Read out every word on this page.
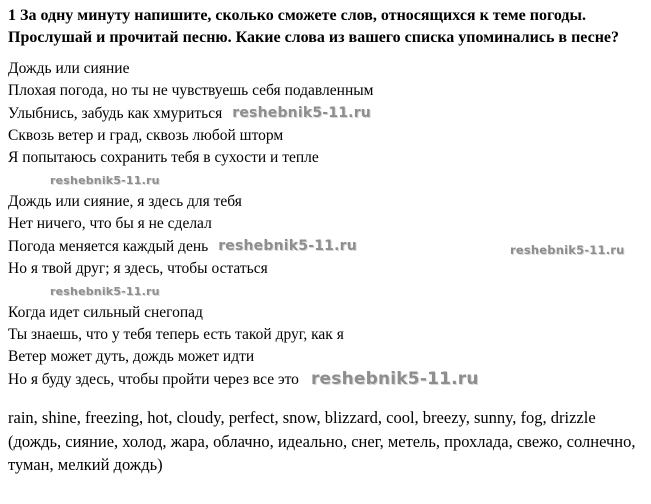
1 За одну минуту напишите, сколько сможете слов, относящихся к теме погоды. Прослушай и прочитай песню. Какие слова из вашего списка упоминались в песне?
Дождь или сияние
Плохая погода, но ты не чувствуешь себя подавленным
Улыбнись, забудь как хмуриться reshebnik5-11.ru
Сквозь ветер и град, сквозь любой шторм
Я попытаюсь сохранить тебя в сухости и тепле
reshebnik5-11.ru
Дождь или сияние, я здесь для тебя
Нет ничего, что бы я не сделал
Погода меняется каждый день reshebnik5-11.ru	reshebnik5-11.ru
Но я твой друг; я здесь, чтобы остаться
reshebnik5-11.ru
Когда идет сильный снегопад
Ты знаешь, что у тебя теперь есть такой друг, как я
Ветер может дуть, дождь может идти
Но я буду здесь, чтобы пройти через все это reshebnik5-11.ru
rain, shine, freezing, hot, cloudy, perfect, snow, blizzard, cool, breezy, sunny, fog, drizzle (дождь, сияние, холод, жара, облачно, идеально, снег, метель, прохлада, свежо, солнечно, туман, мелкий дождь)
